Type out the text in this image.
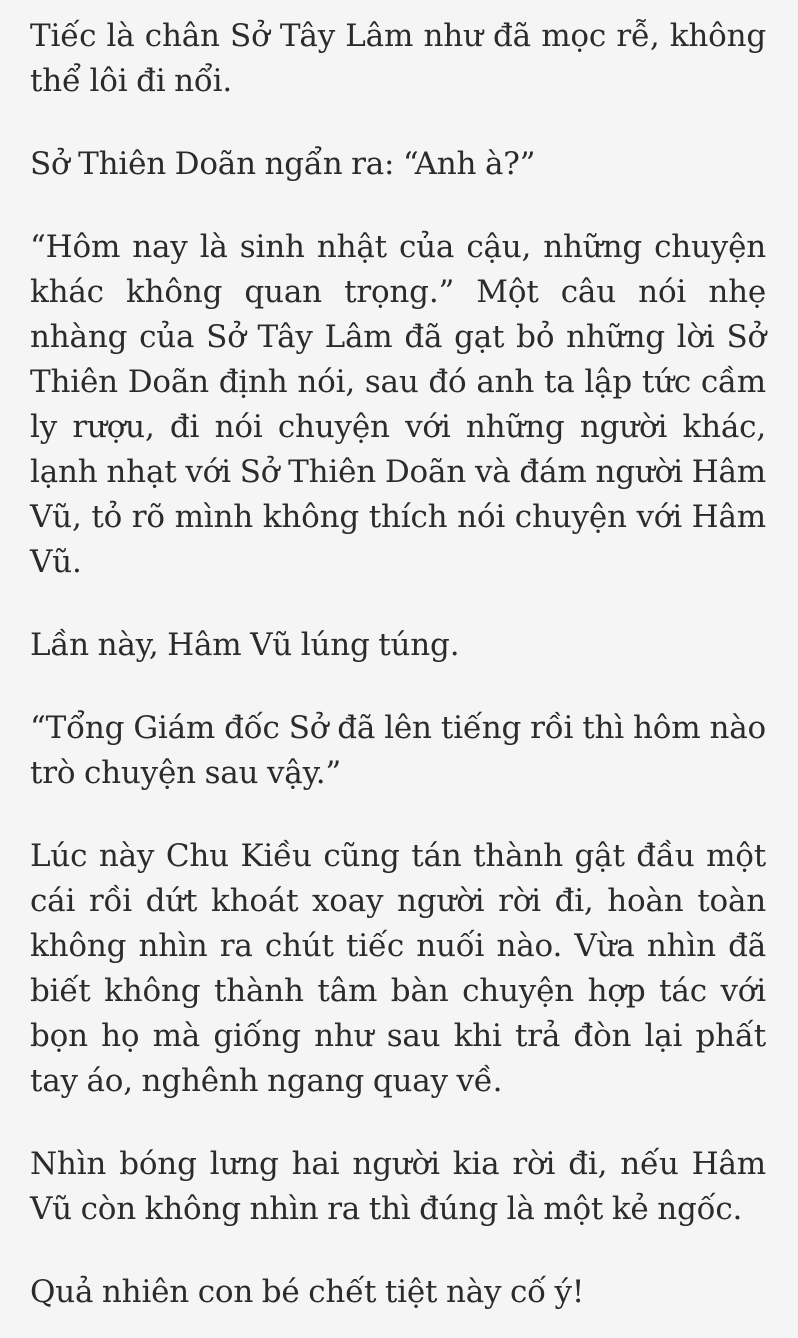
Tiếc là chân Sở Tây Lâm như đã mọc rễ, không thể lôi đi nổi.

Sở Thiên Doãn ngẩn ra: “Anh à?”

“Hôm nay là sinh nhật của cậu, những chuyện khác không quan trọng.” Một câu nói nhẹ nhàng của Sở Tây Lâm đã gạt bỏ những lời Sở Thiên Doãn định nói, sau đó anh ta lập tức cầm ly rượu, đi nói chuyện với những người khác, lạnh nhạt với Sở Thiên Doãn và đám người Hâm Vũ, tỏ rõ mình không thích nói chuyện với Hâm Vũ.

Lần này, Hâm Vũ lúng túng.

“Tổng Giám đốc Sở đã lên tiếng rồi thì hôm nào trò chuyện sau vậy.”

Lúc này Chu Kiều cũng tán thành gật đầu một cái rồi dứt khoát xoay người rời đi, hoàn toàn không nhìn ra chút tiếc nuối nào. Vừa nhìn đã biết không thành tâm bàn chuyện hợp tác với bọn họ mà giống như sau khi trả đòn lại phất tay áo, nghênh ngang quay về.

Nhìn bóng lưng hai người kia rời đi, nếu Hâm Vũ còn không nhìn ra thì đúng là một kẻ ngốc.

Quả nhiên con bé chết tiệt này cố ý!
